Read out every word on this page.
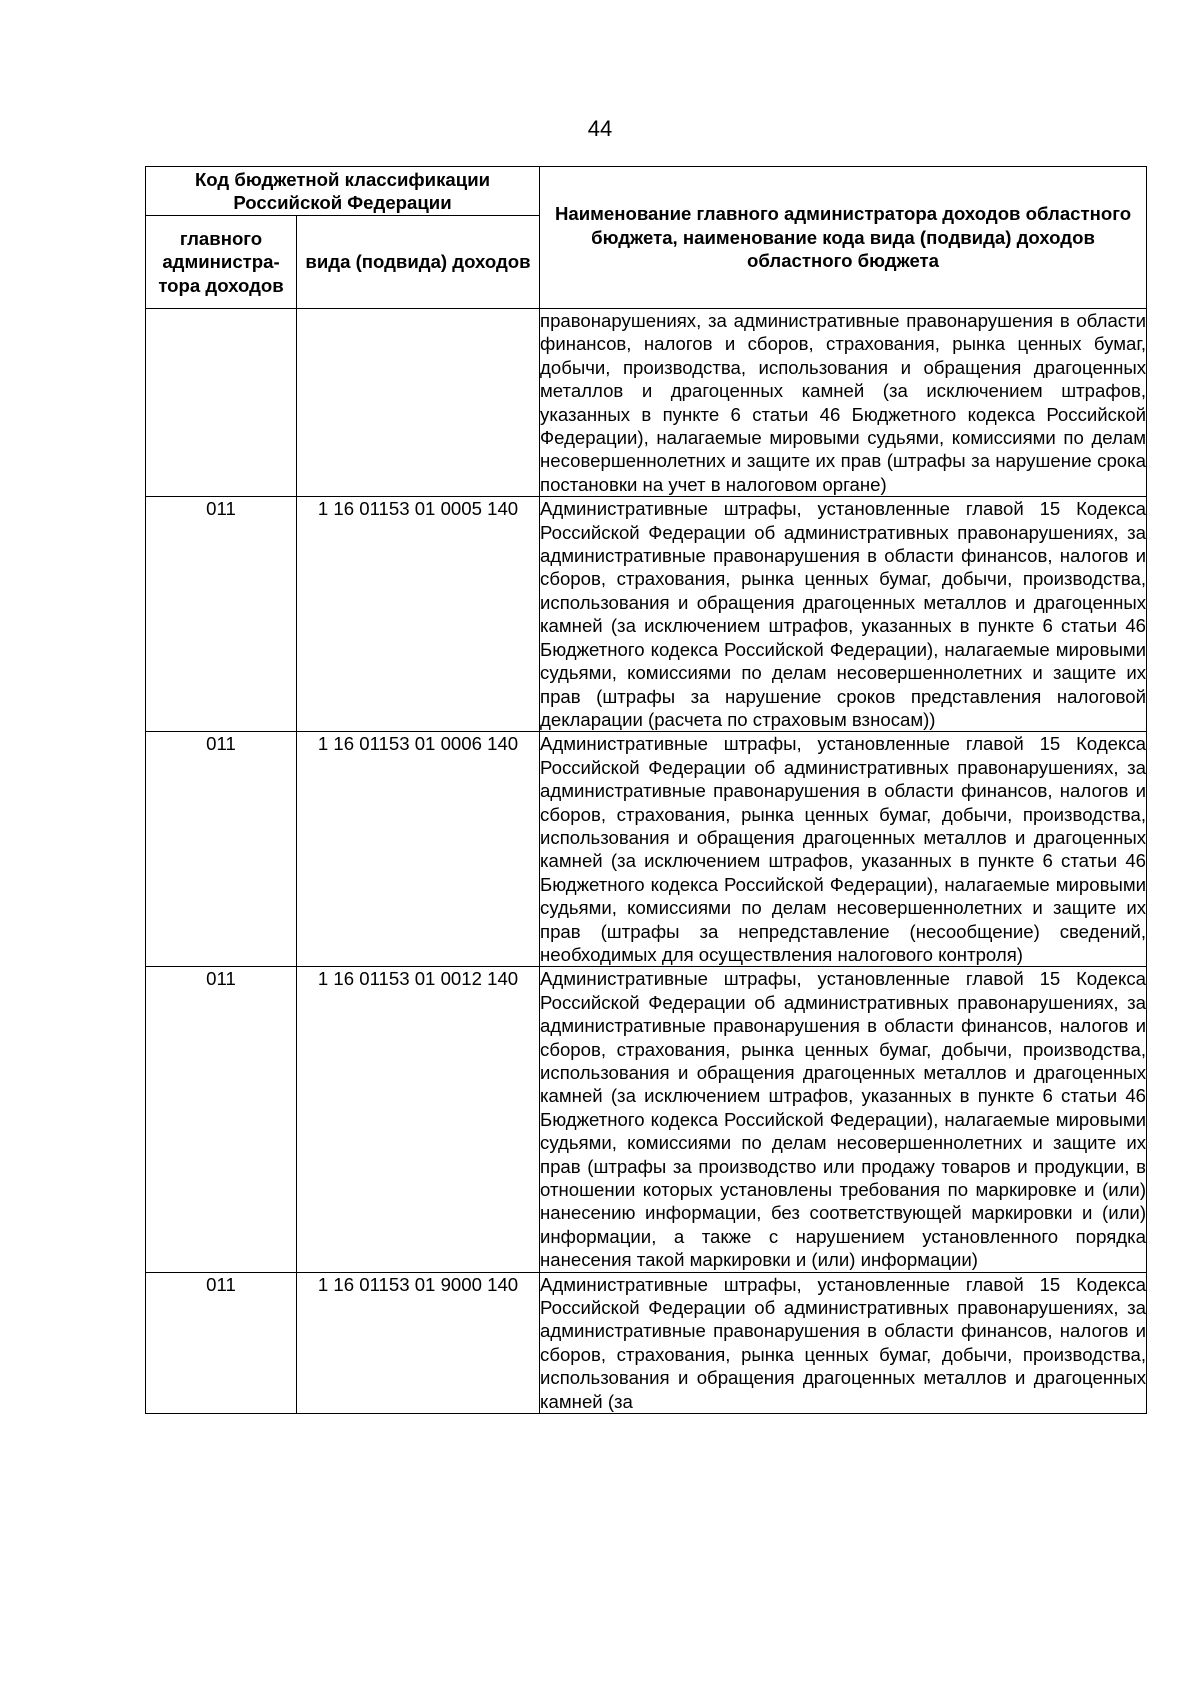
44
Код бюджетной классификации Российской Федерации		Наименование главного администратора доходов областного бюджета, наименование кода вида (подвида) доходов областного бюджета
главного администра-тора доходов	вида (подвида) доходов	
		правонарушениях, за административные правонарушения в области финансов, налогов и сборов, страхования, рынка ценных бумаг, добычи, производства, использования и обращения драгоценных металлов и драгоценных камней (за исключением штрафов, указанных в пункте 6 статьи 46 Бюджетного кодекса Российской Федерации), налагаемые мировыми судьями, комиссиями по делам несовершеннолетних и защите их прав (штрафы за нарушение срока постановки на учет в налоговом органе)
011	1 16 01153 01 0005 140	Административные штрафы, установленные главой 15 Кодекса Российской Федерации об административных правонарушениях, за административные правонарушения в области финансов, налогов и сборов, страхования, рынка ценных бумаг, добычи, производства, использования и обращения драгоценных металлов и драгоценных камней (за исключением штрафов, указанных в пункте 6 статьи 46 Бюджетного кодекса Российской Федерации), налагаемые мировыми судьями, комиссиями по делам несовершеннолетних и защите их прав (штрафы за нарушение сроков представления налоговой декларации (расчета по страховым взносам))
011	1 16 01153 01 0006 140	Административные штрафы, установленные главой 15 Кодекса Российской Федерации об административных правонарушениях, за административные правонарушения в области финансов, налогов и сборов, страхования, рынка ценных бумаг, добычи, производства, использования и обращения драгоценных металлов и драгоценных камней (за исключением штрафов, указанных в пункте 6 статьи 46 Бюджетного кодекса Российской Федерации), налагаемые мировыми судьями, комиссиями по делам несовершеннолетних и защите их прав (штрафы за непредставление (несообщение) сведений, необходимых для осуществления налогового контроля)
011	1 16 01153 01 0012 140	Административные штрафы, установленные главой 15 Кодекса Российской Федерации об административных правонарушениях, за административные правонарушения в области финансов, налогов и сборов, страхования, рынка ценных бумаг, добычи, производства, использования и обращения драгоценных металлов и драгоценных камней (за исключением штрафов, указанных в пункте 6 статьи 46 Бюджетного кодекса Российской Федерации), налагаемые мировыми судьями, комиссиями по делам несовершеннолетних и защите их прав (штрафы за производство или продажу товаров и продукции, в отношении которых установлены требования по маркировке и (или) нанесению информации, без соответствующей маркировки и (или) информации, а также с нарушением установленного порядка нанесения такой маркировки и (или) информации)
011	1 16 01153 01 9000 140	Административные штрафы, установленные главой 15 Кодекса Российской Федерации об административных правонарушениях, за административные правонарушения в области финансов, налогов и сборов, страхования, рынка ценных бумаг, добычи, производства, использования и обращения драгоценных металлов и драгоценных камней (за
